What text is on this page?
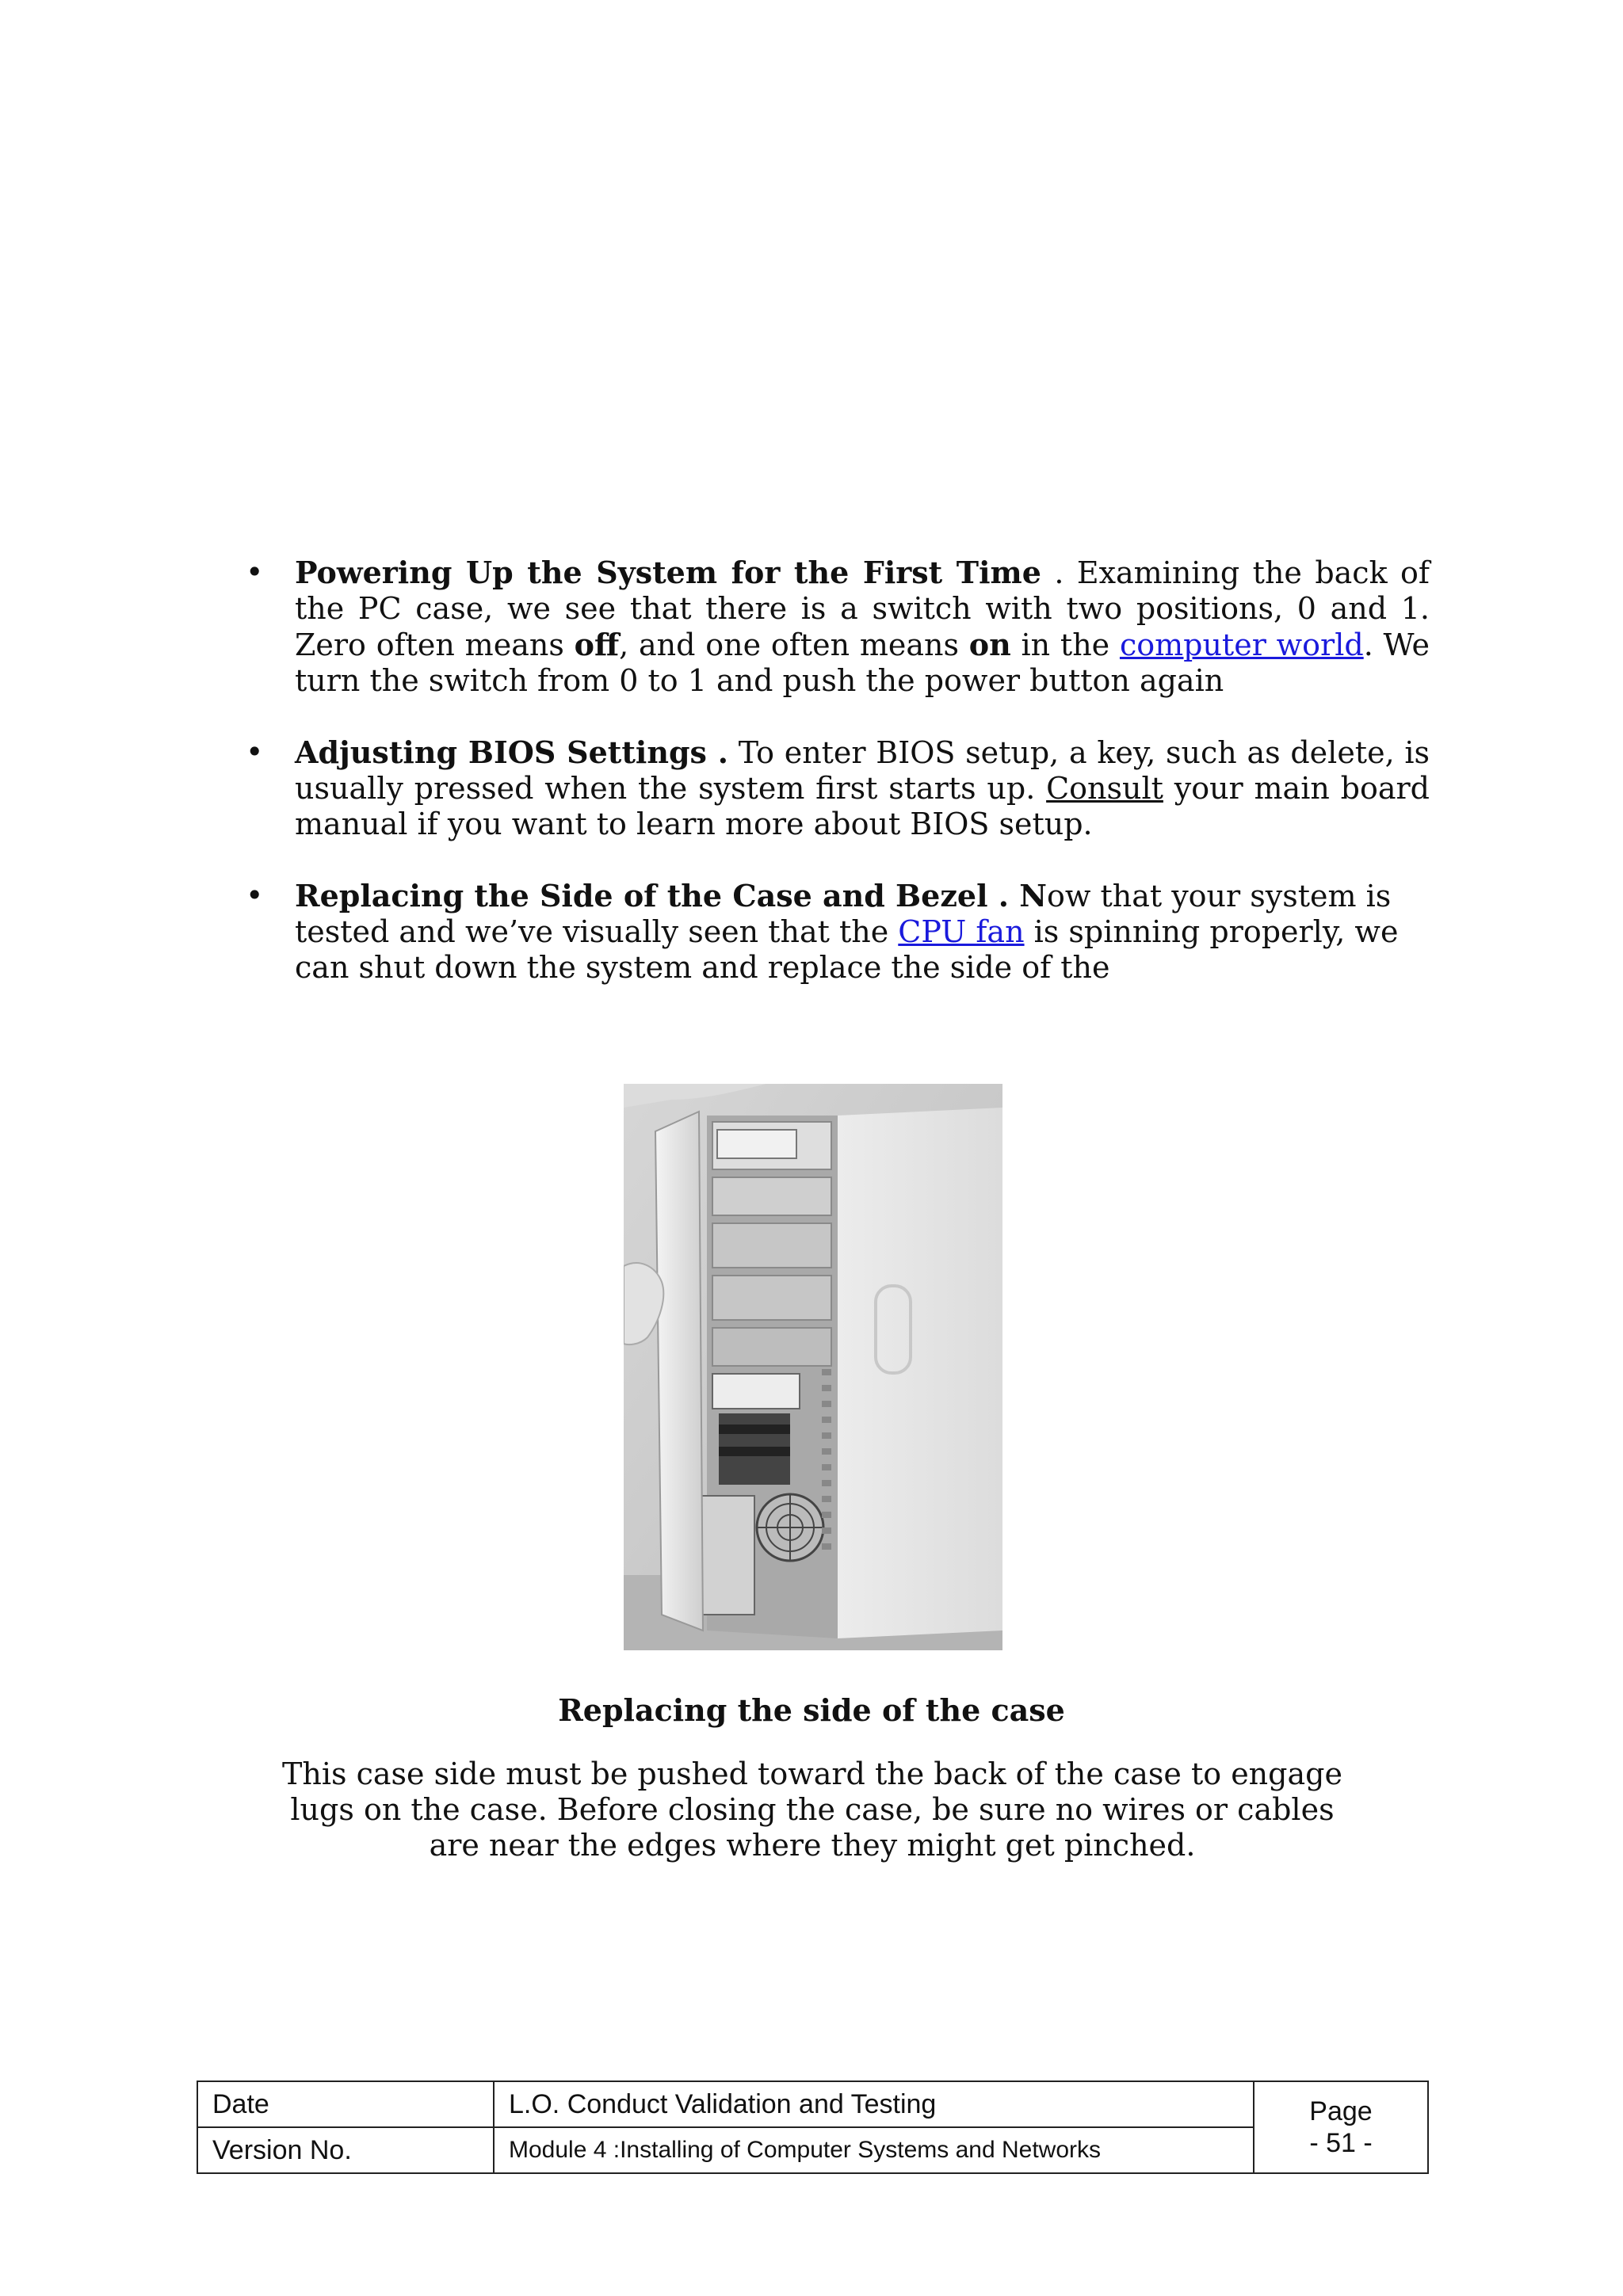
• Powering Up the System for the First Time . Examining the back of the PC case, we see that there is a switch with two positions, 0 and 1. Zero often means off, and one often means on in the computer world. We turn the switch from 0 to 1 and push the power button again
• Adjusting BIOS Settings . To enter BIOS setup, a key, such as delete, is usually pressed when the system first starts up. Consult your main board manual if you want to learn more about BIOS setup.
• Replacing the Side of the Case and Bezel . Now that your system is tested and we’ve visually seen that the CPU fan is spinning properly, we can shut down the system and replace the side of the
Replacing the side of the case
This case side must be pushed toward the back of the case to engage lugs on the case. Before closing the case, be sure no wires or cables are near the edges where they might get pinched.
Date	L.O. Conduct Validation and Testing	Page
- 51 -

Version No.	Module 4 :Installing of Computer Systems and Networks	
